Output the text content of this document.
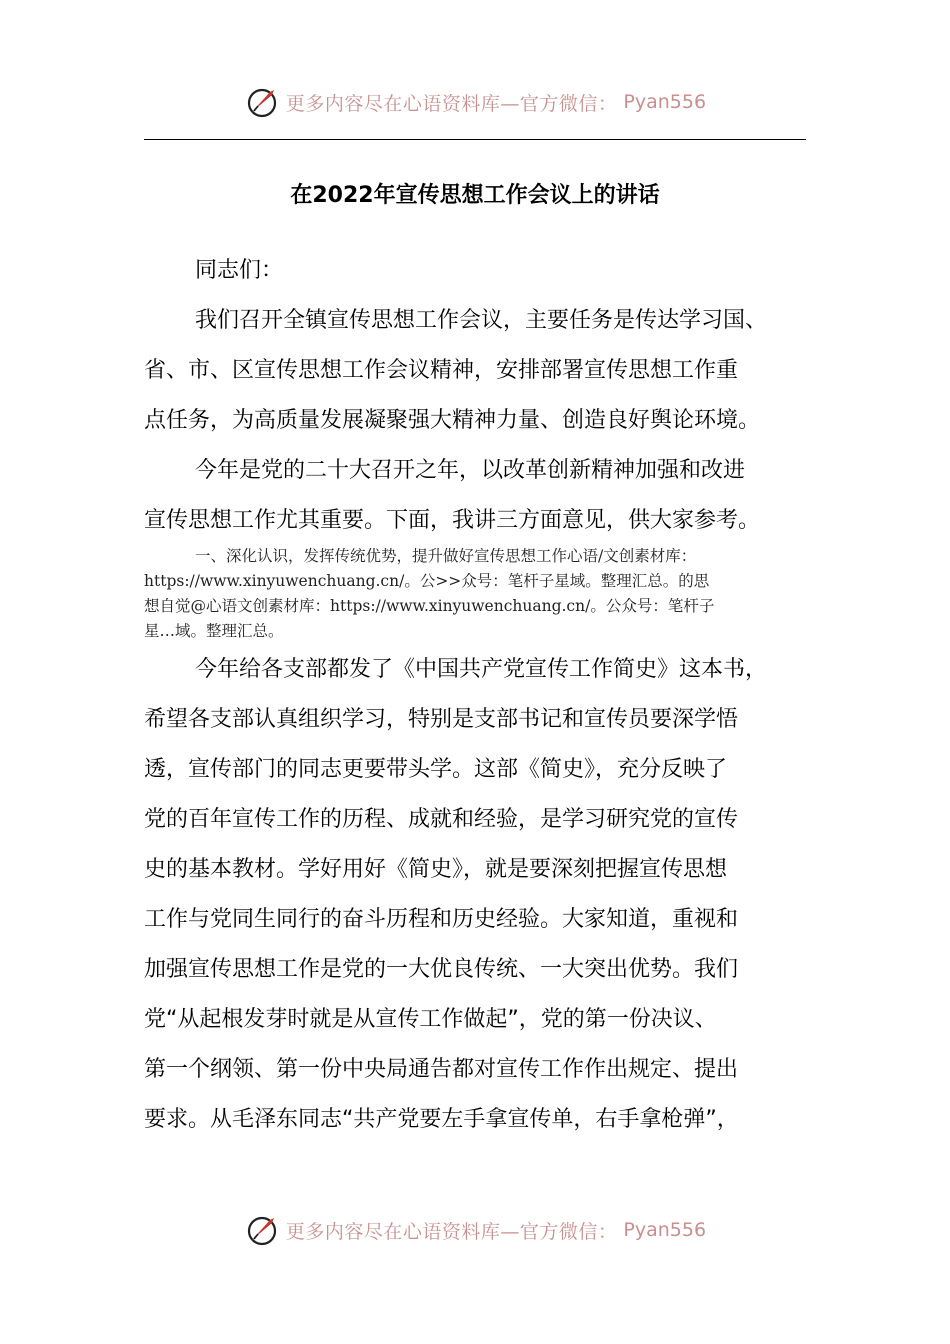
更多内容尽在心语资料库—官方微信： Pyan556
在2022年宣传思想工作会议上的讲话
同志们：
我们召开全镇宣传思想工作会议，主要任务是传达学习国、
省、市、区宣传思想工作会议精神，安排部署宣传思想工作重
点任务，为高质量发展凝聚强大精神力量、创造良好舆论环境。
今年是党的二十大召开之年，以改革创新精神加强和改进
宣传思想工作尤其重要。下面，我讲三方面意见，供大家参考。
一、深化认识，发挥传统优势，提升做好宣传思想工作心语/文创素材库：
https://www.xinyuwenchuang.cn/。公>>众号：笔杆子星域。整理汇总。的思
想自觉@心语文创素材库：https://www.xinyuwenchuang.cn/。公众号：笔杆子
星…域。整理汇总。
今年给各支部都发了《中国共产党宣传工作简史》这本书，
希望各支部认真组织学习，特别是支部书记和宣传员要深学悟
透，宣传部门的同志更要带头学。这部《简史》，充分反映了
党的百年宣传工作的历程、成就和经验，是学习研究党的宣传
史的基本教材。学好用好《简史》，就是要深刻把握宣传思想
工作与党同生同行的奋斗历程和历史经验。大家知道，重视和
加强宣传思想工作是党的一大优良传统、一大突出优势。我们
党“从起根发芽时就是从宣传工作做起”，党的第一份决议、
第一个纲领、第一份中央局通告都对宣传工作作出规定、提出
要求。从毛泽东同志“共产党要左手拿宣传单，右手拿枪弹”，
更多内容尽在心语资料库—官方微信： Pyan556
